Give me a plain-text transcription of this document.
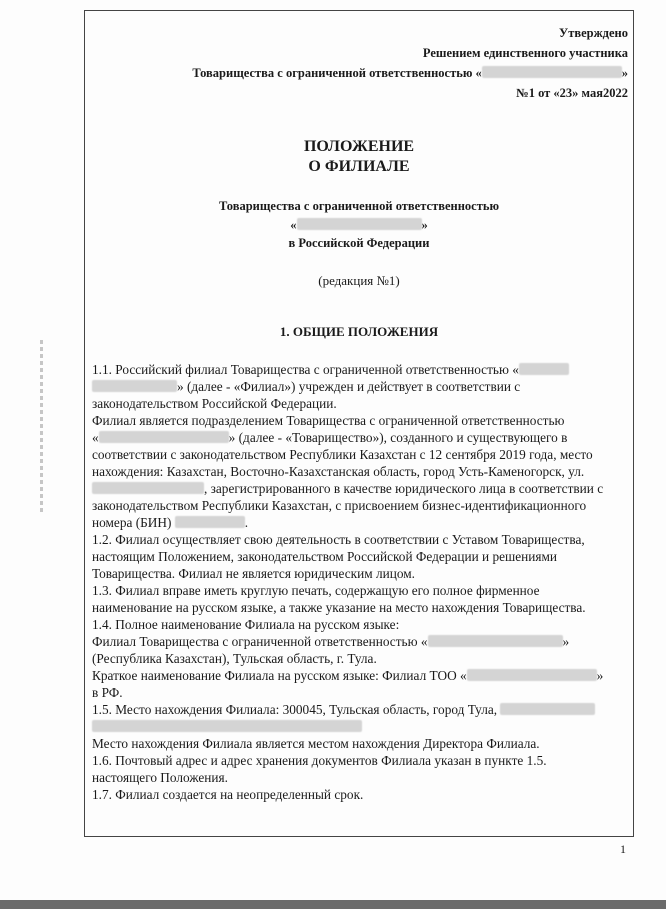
Утверждено
Решением единственного участника
Товарищества с ограниченной ответственностью «	»
№1 от «23» мая2022
ПОЛОЖЕНИЕ
О ФИЛИАЛЕ
Товарищества с ограниченной ответственностью
«	»
в Российской Федерации
(редакция №1)
1. ОБЩИЕ ПОЛОЖЕНИЯ
1.1. Российский филиал Товарищества с ограниченной ответственностью «
» (далее - «Филиал») учрежден и действует в соответствии с
законодательством Российской Федерации.
Филиал является подразделением Товарищества с ограниченной ответственностью
«	» (далее - «Товарищество»), созданного и существующего в
соответствии с законодательством Республики Казахстан с 12 сентября 2019 года, место
нахождения: Казахстан, Восточно-Казахстанская область, город Усть-Каменогорск, ул.
, зарегистрированного в качестве юридического лица в соответствии с
законодательством Республики Казахстан, с присвоением бизнес-идентификационного
номера (БИН)	.
1.2. Филиал осуществляет свою деятельность в соответствии с Уставом Товарищества,
настоящим Положением, законодательством Российской Федерации и решениями
Товарищества. Филиал не является юридическим лицом.
1.3. Филиал вправе иметь круглую печать, содержащую его полное фирменное
наименование на русском языке, а также указание на место нахождения Товарищества.
1.4. Полное наименование Филиала на русском языке:
Филиал Товарищества с ограниченной ответственностью «	»
(Республика Казахстан), Тульская область, г. Тула.
Краткое наименование Филиала на русском языке: Филиал ТОО «	»
в РФ.
1.5. Место нахождения Филиала: 300045, Тульская область, город Тула,
Место нахождения Филиала является местом нахождения Директора Филиала.
1.6. Почтовый адрес и адрес хранения документов Филиала указан в пункте 1.5.
настоящего Положения.
1.7. Филиал создается на неопределенный срок.
1
